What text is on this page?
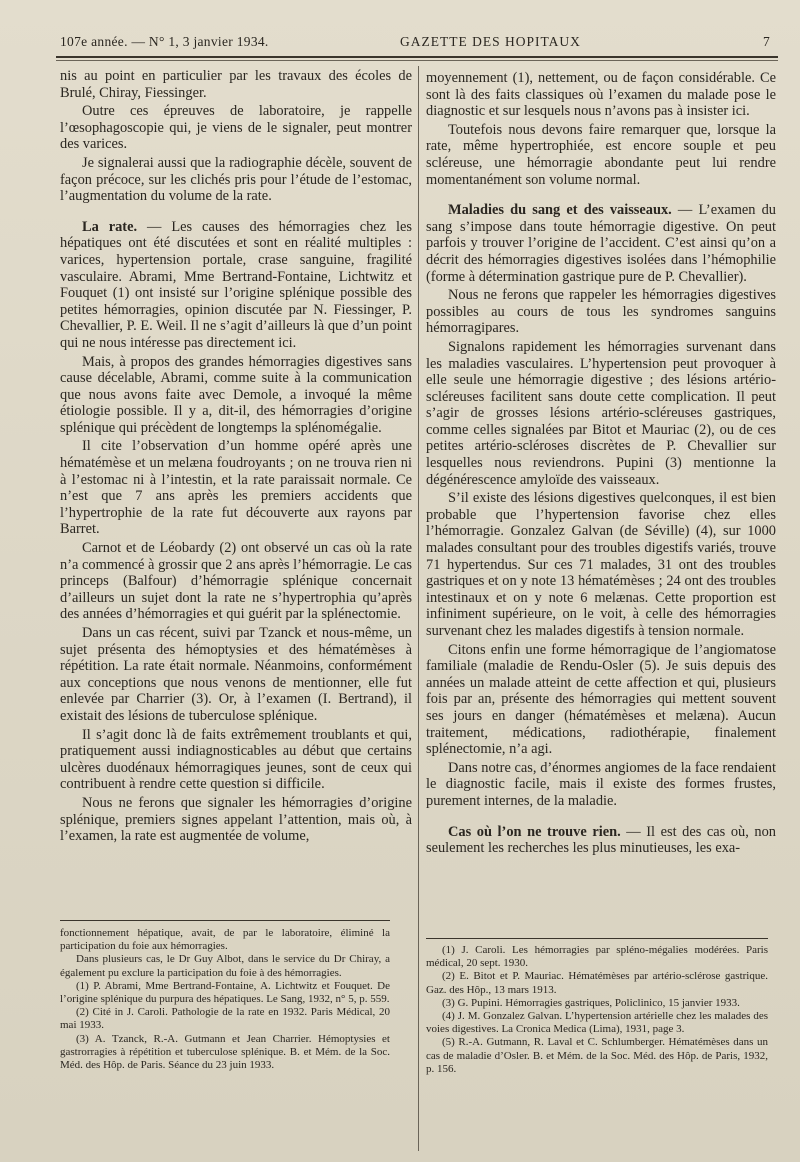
107e année. — N° 1, 3 janvier 1934.	GAZETTE DES HOPITAUX	7

nis au point en particulier par les travaux des écoles de Brulé, Chiray, Fiessinger.

Outre ces épreuves de laboratoire, je rappelle l’œsophagoscopie qui, je viens de le signaler, peut montrer des varices.

Je signalerai aussi que la radiographie décèle, souvent de façon précoce, sur les clichés pris pour l’étude de l’estomac, l’augmentation du volume de la rate.

La rate. — Les causes des hémorragies chez les hépatiques ont été discutées et sont en réalité multiples : varices, hypertension portale, crase sanguine, fragilité vasculaire. Abrami, Mme Bertrand-Fontaine, Lichtwitz et Fouquet (1) ont insisté sur l’origine splénique possible des petites hémorragies, opinion discutée par N. Fiessinger, P. Chevallier, P. E. Weil. Il ne s’agit d’ailleurs là que d’un point qui ne nous intéresse pas directement ici.

Mais, à propos des grandes hémorragies digestives sans cause décelable, Abrami, comme suite à la communication que nous avons faite avec Demole, a invoqué la même étiologie possible. Il y a, dit-il, des hémorragies d’origine splénique qui précèdent de longtemps la splénomégalie.

Il cite l’observation d’un homme opéré après une hématémèse et un melæna foudroyants ; on ne trouva rien ni à l’estomac ni à l’intestin, et la rate paraissait normale. Ce n’est que 7 ans après les premiers accidents que l’hypertrophie de la rate fut découverte aux rayons par Barret.

Carnot et de Léobardy (2) ont observé un cas où la rate n’a commencé à grossir que 2 ans après l’hémorragie. Le cas princeps (Balfour) d’hémorragie splénique concernait d’ailleurs un sujet dont la rate ne s’hypertrophia qu’après des années d’hémorragies et qui guérit par la splénectomie.

Dans un cas récent, suivi par Tzanck et nous-même, un sujet présenta des hémoptysies et des hématémèses à répétition. La rate était normale. Néanmoins, conformément aux conceptions que nous venons de mentionner, elle fut enlevée par Charrier (3). Or, à l’examen (I. Bertrand), il existait des lésions de tuberculose splénique.

Il s’agit donc là de faits extrêmement troublants et qui, pratiquement aussi indiagnosticables au début que certains ulcères duodénaux hémorragiques jeunes, sont de ceux qui contribuent à rendre cette question si difficile.

Nous ne ferons que signaler les hémorragies d’origine splénique, premiers signes appelant l’attention, mais où, à l’examen, la rate est augmentée de volume,

fonctionnement hépatique, avait, de par le laboratoire, éliminé la participation du foie aux hémorragies.

Dans plusieurs cas, le Dr Guy Albot, dans le service du Dr Chiray, a également pu exclure la participation du foie à des hémorragies.

(1) P. Abrami, Mme Bertrand-Fontaine, A. Lichtwitz et Fouquet. De l’origine splénique du purpura des hépatiques. Le Sang, 1932, n° 5, p. 559.

(2) Cité in J. Caroli. Pathologie de la rate en 1932. Paris Médical, 20 mai 1933.

(3) A. Tzanck, R.-A. Gutmann et Jean Charrier. Hémoptysies et gastrorragies à répétition et tuberculose splénique. B. et Mém. de la Soc. Méd. des Hôp. de Paris. Séance du 23 juin 1933.

moyennement (1), nettement, ou de façon considérable. Ce sont là des faits classiques où l’examen du malade pose le diagnostic et sur lesquels nous n’avons pas à insister ici.

Toutefois nous devons faire remarquer que, lorsque la rate, même hypertrophiée, est encore souple et peu scléreuse, une hémorragie abondante peut lui rendre momentanément son volume normal.

Maladies du sang et des vaisseaux. — L’examen du sang s’impose dans toute hémorragie digestive. On peut parfois y trouver l’origine de l’accident. C’est ainsi qu’on a décrit des hémorragies digestives isolées dans l’hémophilie (forme à détermination gastrique pure de P. Chevallier).

Nous ne ferons que rappeler les hémorragies digestives possibles au cours de tous les syndromes sanguins hémorragipares.

Signalons rapidement les hémorragies survenant dans les maladies vasculaires. L’hypertension peut provoquer à elle seule une hémorragie digestive ; des lésions artério-scléreuses facilitent sans doute cette complication. Il peut s’agir de grosses lésions artério-scléreuses gastriques, comme celles signalées par Bitot et Mauriac (2), ou de ces petites artério-scléroses discrètes de P. Chevallier sur lesquelles nous reviendrons. Pupini (3) mentionne la dégénérescence amyloïde des vaisseaux.

S’il existe des lésions digestives quelconques, il est bien probable que l’hypertension favorise chez elles l’hémorragie. Gonzalez Galvan (de Séville) (4), sur 1000 malades consultant pour des troubles digestifs variés, trouve 71 hypertendus. Sur ces 71 malades, 31 ont des troubles gastriques et on y note 13 hématémèses ; 24 ont des troubles intestinaux et on y note 6 melænas. Cette proportion est infiniment supérieure, on le voit, à celle des hémorragies survenant chez les malades digestifs à tension normale.

Citons enfin une forme hémorragique de l’angiomatose familiale (maladie de Rendu-Osler (5). Je suis depuis des années un malade atteint de cette affection et qui, plusieurs fois par an, présente des hémorragies qui mettent souvent ses jours en danger (hématémèses et melæna). Aucun traitement, médications, radiothérapie, finalement splénectomie, n’a agi.

Dans notre cas, d’énormes angiomes de la face rendaient le diagnostic facile, mais il existe des formes frustes, purement internes, de la maladie.

Cas où l’on ne trouve rien. — Il est des cas où, non seulement les recherches les plus minutieuses, les exa-

(1) J. Caroli. Les hémorragies par spléno-mégalies modérées. Paris médical, 20 sept. 1930.

(2) E. Bitot et P. Mauriac. Hématémèses par artério-sclérose gastrique. Gaz. des Hôp., 13 mars 1913.

(3) G. Pupini. Hémorragies gastriques, Policlinico, 15 janvier 1933.

(4) J. M. Gonzalez Galvan. L’hypertension artérielle chez les malades des voies digestives. La Cronica Medica (Lima), 1931, page 3.

(5) R.-A. Gutmann, R. Laval et C. Schlumberger. Hématémèses dans un cas de maladie d’Osler. B. et Mém. de la Soc. Méd. des Hôp. de Paris, 1932, p. 156.
